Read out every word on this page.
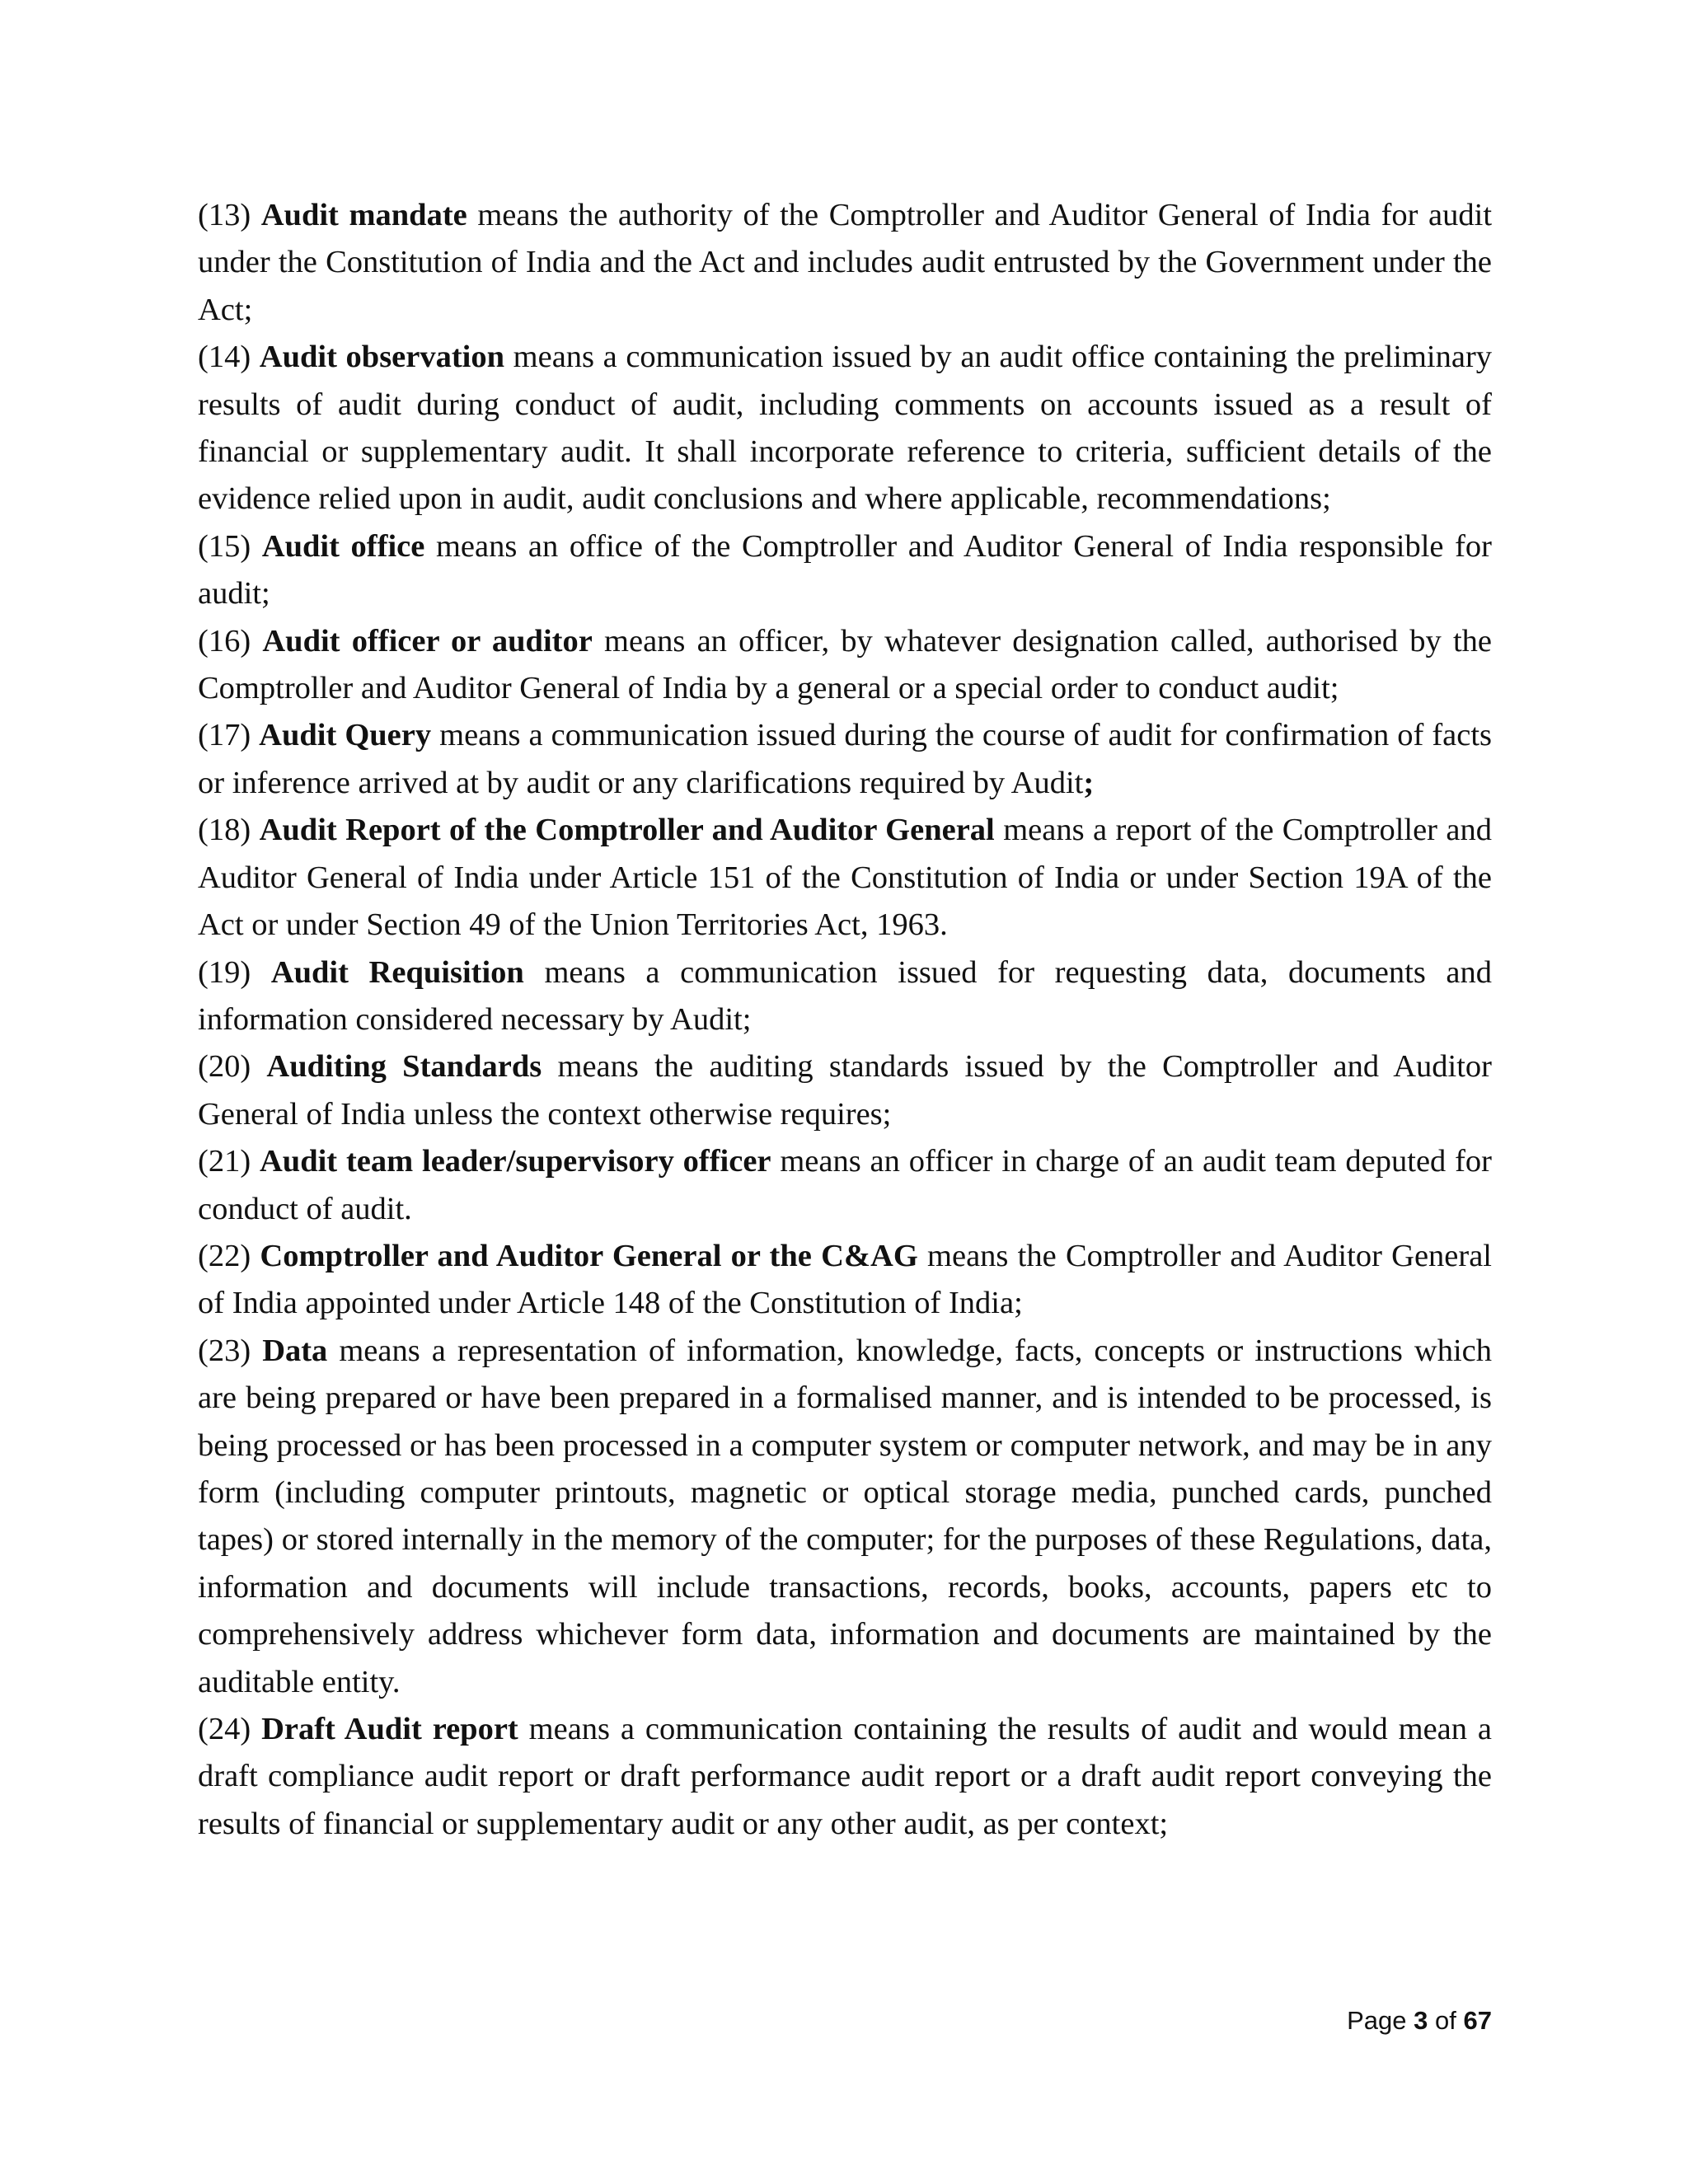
(13) Audit mandate means the authority of the Comptroller and Auditor General of India for audit under the Constitution of India and the Act and includes audit entrusted by the Government under the Act;

(14) Audit observation means a communication issued by an audit office containing the preliminary results of audit during conduct of audit, including comments on accounts issued as a result of financial or supplementary audit. It shall incorporate reference to criteria, sufficient details of the evidence relied upon in audit, audit conclusions and where applicable, recommendations;

(15) Audit office means an office of the Comptroller and Auditor General of India responsible for audit;

(16) Audit officer or auditor means an officer, by whatever designation called, authorised by the Comptroller and Auditor General of India by a general or a special order to conduct audit;

(17) Audit Query means a communication issued during the course of audit for confirmation of facts or inference arrived at by audit or any clarifications required by Audit;

(18) Audit Report of the Comptroller and Auditor General means a report of the Comptroller and Auditor General of India under Article 151 of the Constitution of India or under Section 19A of the Act or under Section 49 of the Union Territories Act, 1963.

(19) Audit Requisition means a communication issued for requesting data, documents and information considered necessary by Audit;

(20) Auditing Standards means the auditing standards issued by the Comptroller and Auditor General of India unless the context otherwise requires;

(21) Audit team leader/supervisory officer means an officer in charge of an audit team deputed for conduct of audit.

(22) Comptroller and Auditor General or the C&AG means the Comptroller and Auditor General of India appointed under Article 148 of the Constitution of India;

(23) Data means a representation of information, knowledge, facts, concepts or instructions which are being prepared or have been prepared in a formalised manner, and is intended to be processed, is being processed or has been processed in a computer system or computer network, and may be in any form (including computer printouts, magnetic or optical storage media, punched cards, punched tapes) or stored internally in the memory of the computer; for the purposes of these Regulations, data, information and documents will include transactions, records, books, accounts, papers etc to comprehensively address whichever form data, information and documents are maintained by the auditable entity.

(24) Draft Audit report means a communication containing the results of audit and would mean a draft compliance audit report or draft performance audit report or a draft audit report conveying the results of financial or supplementary audit or any other audit, as per context;

Page 3 of 67
